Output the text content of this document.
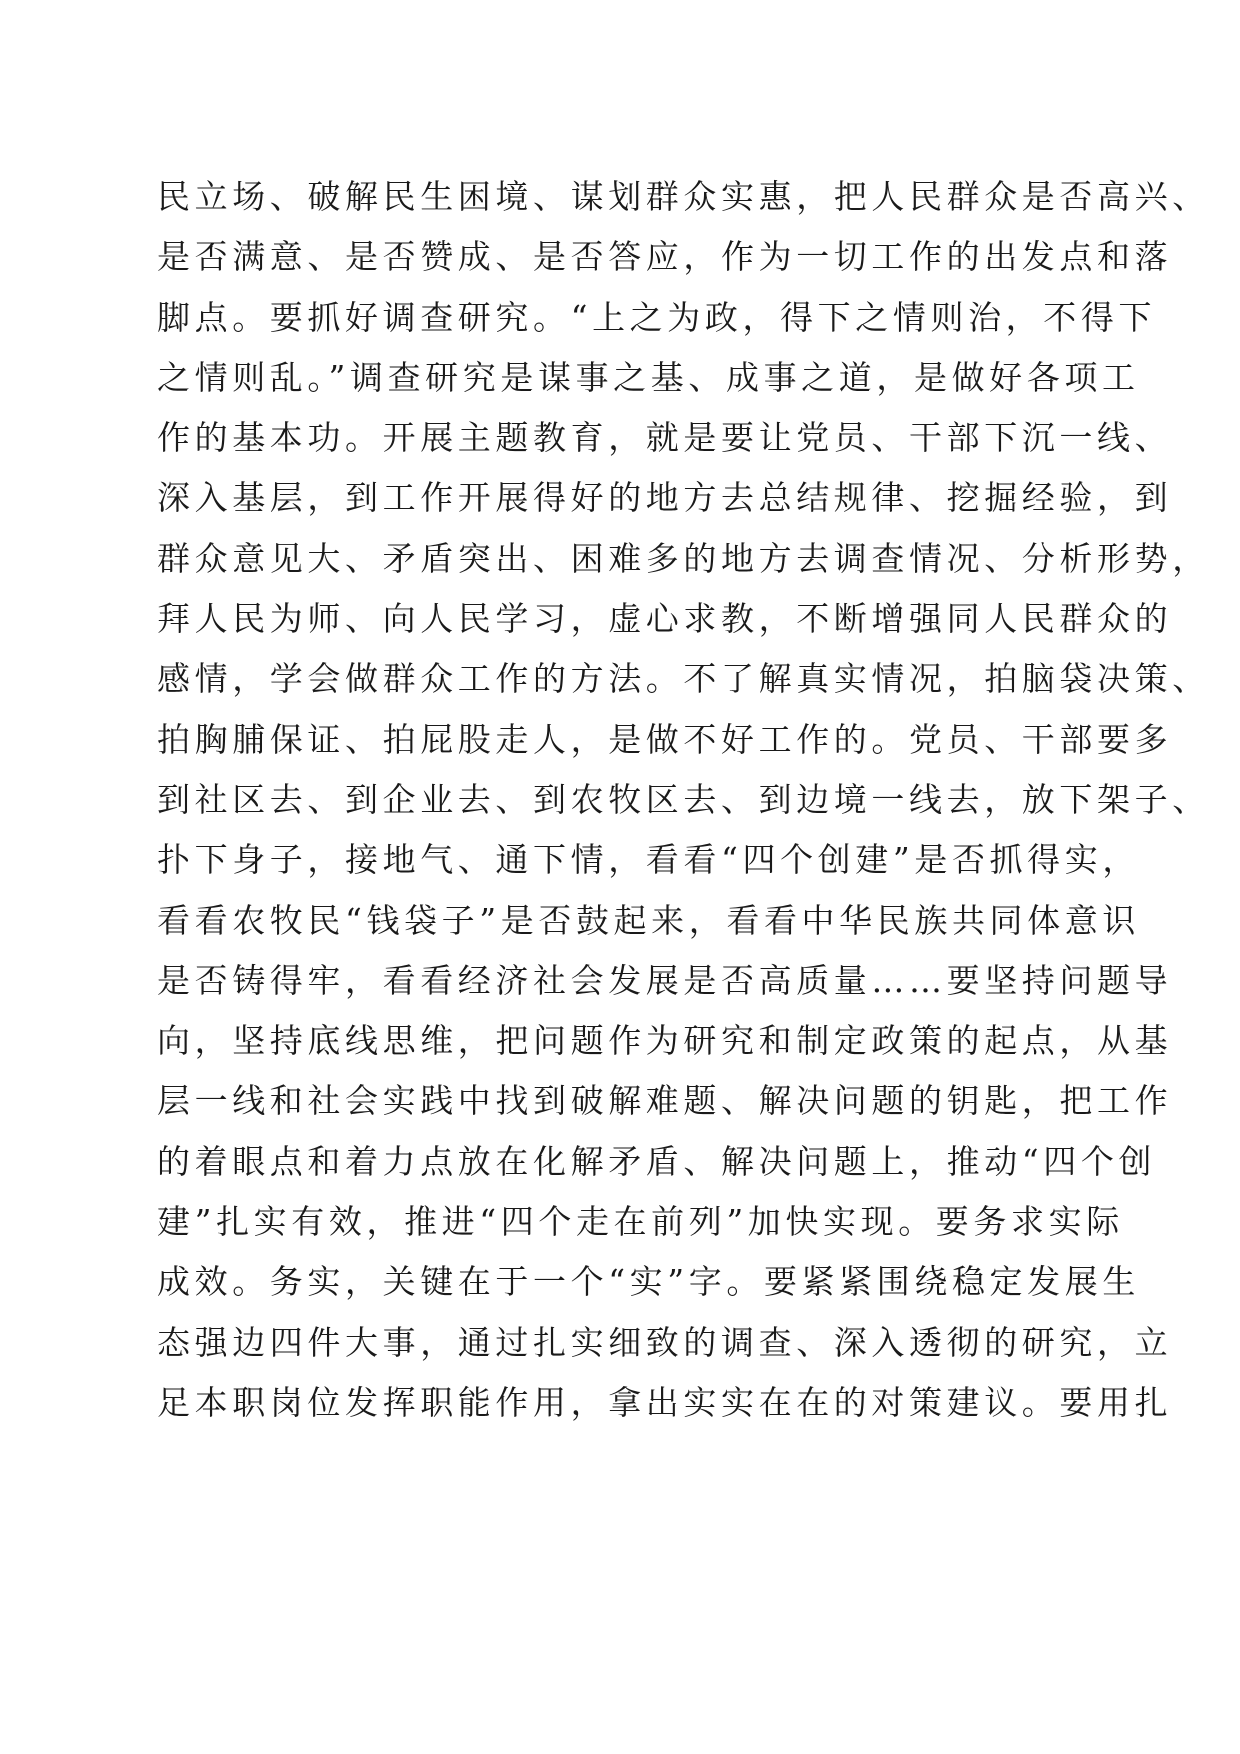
民立场、破解民生困境、谋划群众实惠，把人民群众是否高兴、
是否满意、是否赞成、是否答应，作为一切工作的出发点和落
脚点。要抓好调查研究。“上之为政，得下之情则治，不得下
之情则乱。”调查研究是谋事之基、成事之道，是做好各项工
作的基本功。开展主题教育，就是要让党员、干部下沉一线、
深入基层，到工作开展得好的地方去总结规律、挖掘经验，到
群众意见大、矛盾突出、困难多的地方去调查情况、分析形势，
拜人民为师、向人民学习，虚心求教，不断增强同人民群众的
感情，学会做群众工作的方法。不了解真实情况，拍脑袋决策、
拍胸脯保证、拍屁股走人，是做不好工作的。党员、干部要多
到社区去、到企业去、到农牧区去、到边境一线去，放下架子、
扑下身子，接地气、通下情，看看“四个创建”是否抓得实，
看看农牧民“钱袋子”是否鼓起来，看看中华民族共同体意识
是否铸得牢，看看经济社会发展是否高质量……要坚持问题导
向，坚持底线思维，把问题作为研究和制定政策的起点，从基
层一线和社会实践中找到破解难题、解决问题的钥匙，把工作
的着眼点和着力点放在化解矛盾、解决问题上，推动“四个创
建”扎实有效，推进“四个走在前列”加快实现。要务求实际
成效。务实，关键在于一个“实”字。要紧紧围绕稳定发展生
态强边四件大事，通过扎实细致的调查、深入透彻的研究，立
足本职岗位发挥职能作用，拿出实实在在的对策建议。要用扎
